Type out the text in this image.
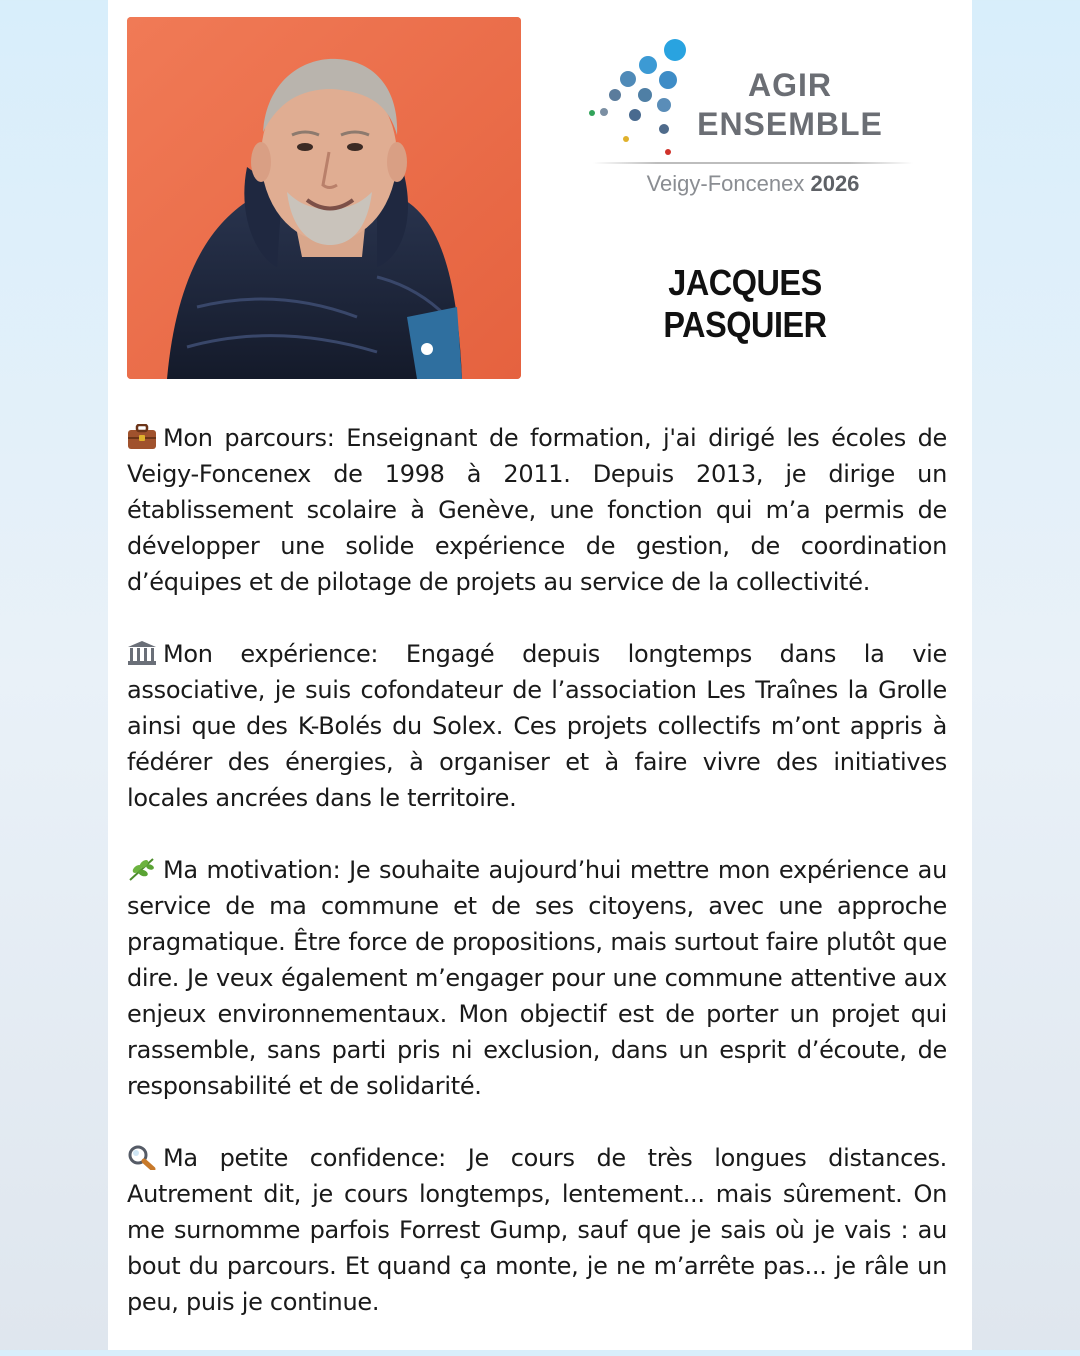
AGIR
ENSEMBLE
Veigy-Foncenex 2026
JACQUES PASQUIER

Mon parcours: Enseignant de formation, j'ai dirigé les écoles de Veigy-Foncenex de 1998 à 2011. Depuis 2013, je dirige un établissement scolaire à Genève, une fonction qui m’a permis de développer une solide expérience de gestion, de coordination d’équipes et de pilotage de projets au service de la collectivité.

Mon expérience: Engagé depuis longtemps dans la vie associative, je suis cofondateur de l’association Les Traînes la Grolle ainsi que des K-Bolés du Solex. Ces projets collectifs m’ont appris à fédérer des énergies, à organiser et à faire vivre des initiatives locales ancrées dans le territoire.

Ma motivation: Je souhaite aujourd’hui mettre mon expérience au service de ma commune et de ses citoyens, avec une approche pragmatique. Être force de propositions, mais surtout faire plutôt que dire. Je veux également m’engager pour une commune attentive aux enjeux environnementaux. Mon objectif est de porter un projet qui rassemble, sans parti pris ni exclusion, dans un esprit d’écoute, de responsabilité et de solidarité.

Ma petite confidence: Je cours de très longues distances. Autrement dit, je cours longtemps, lentement... mais sûrement. On me surnomme parfois Forrest Gump, sauf que je sais où je vais : au bout du parcours. Et quand ça monte, je ne m’arrête pas... je râle un peu, puis je continue.
